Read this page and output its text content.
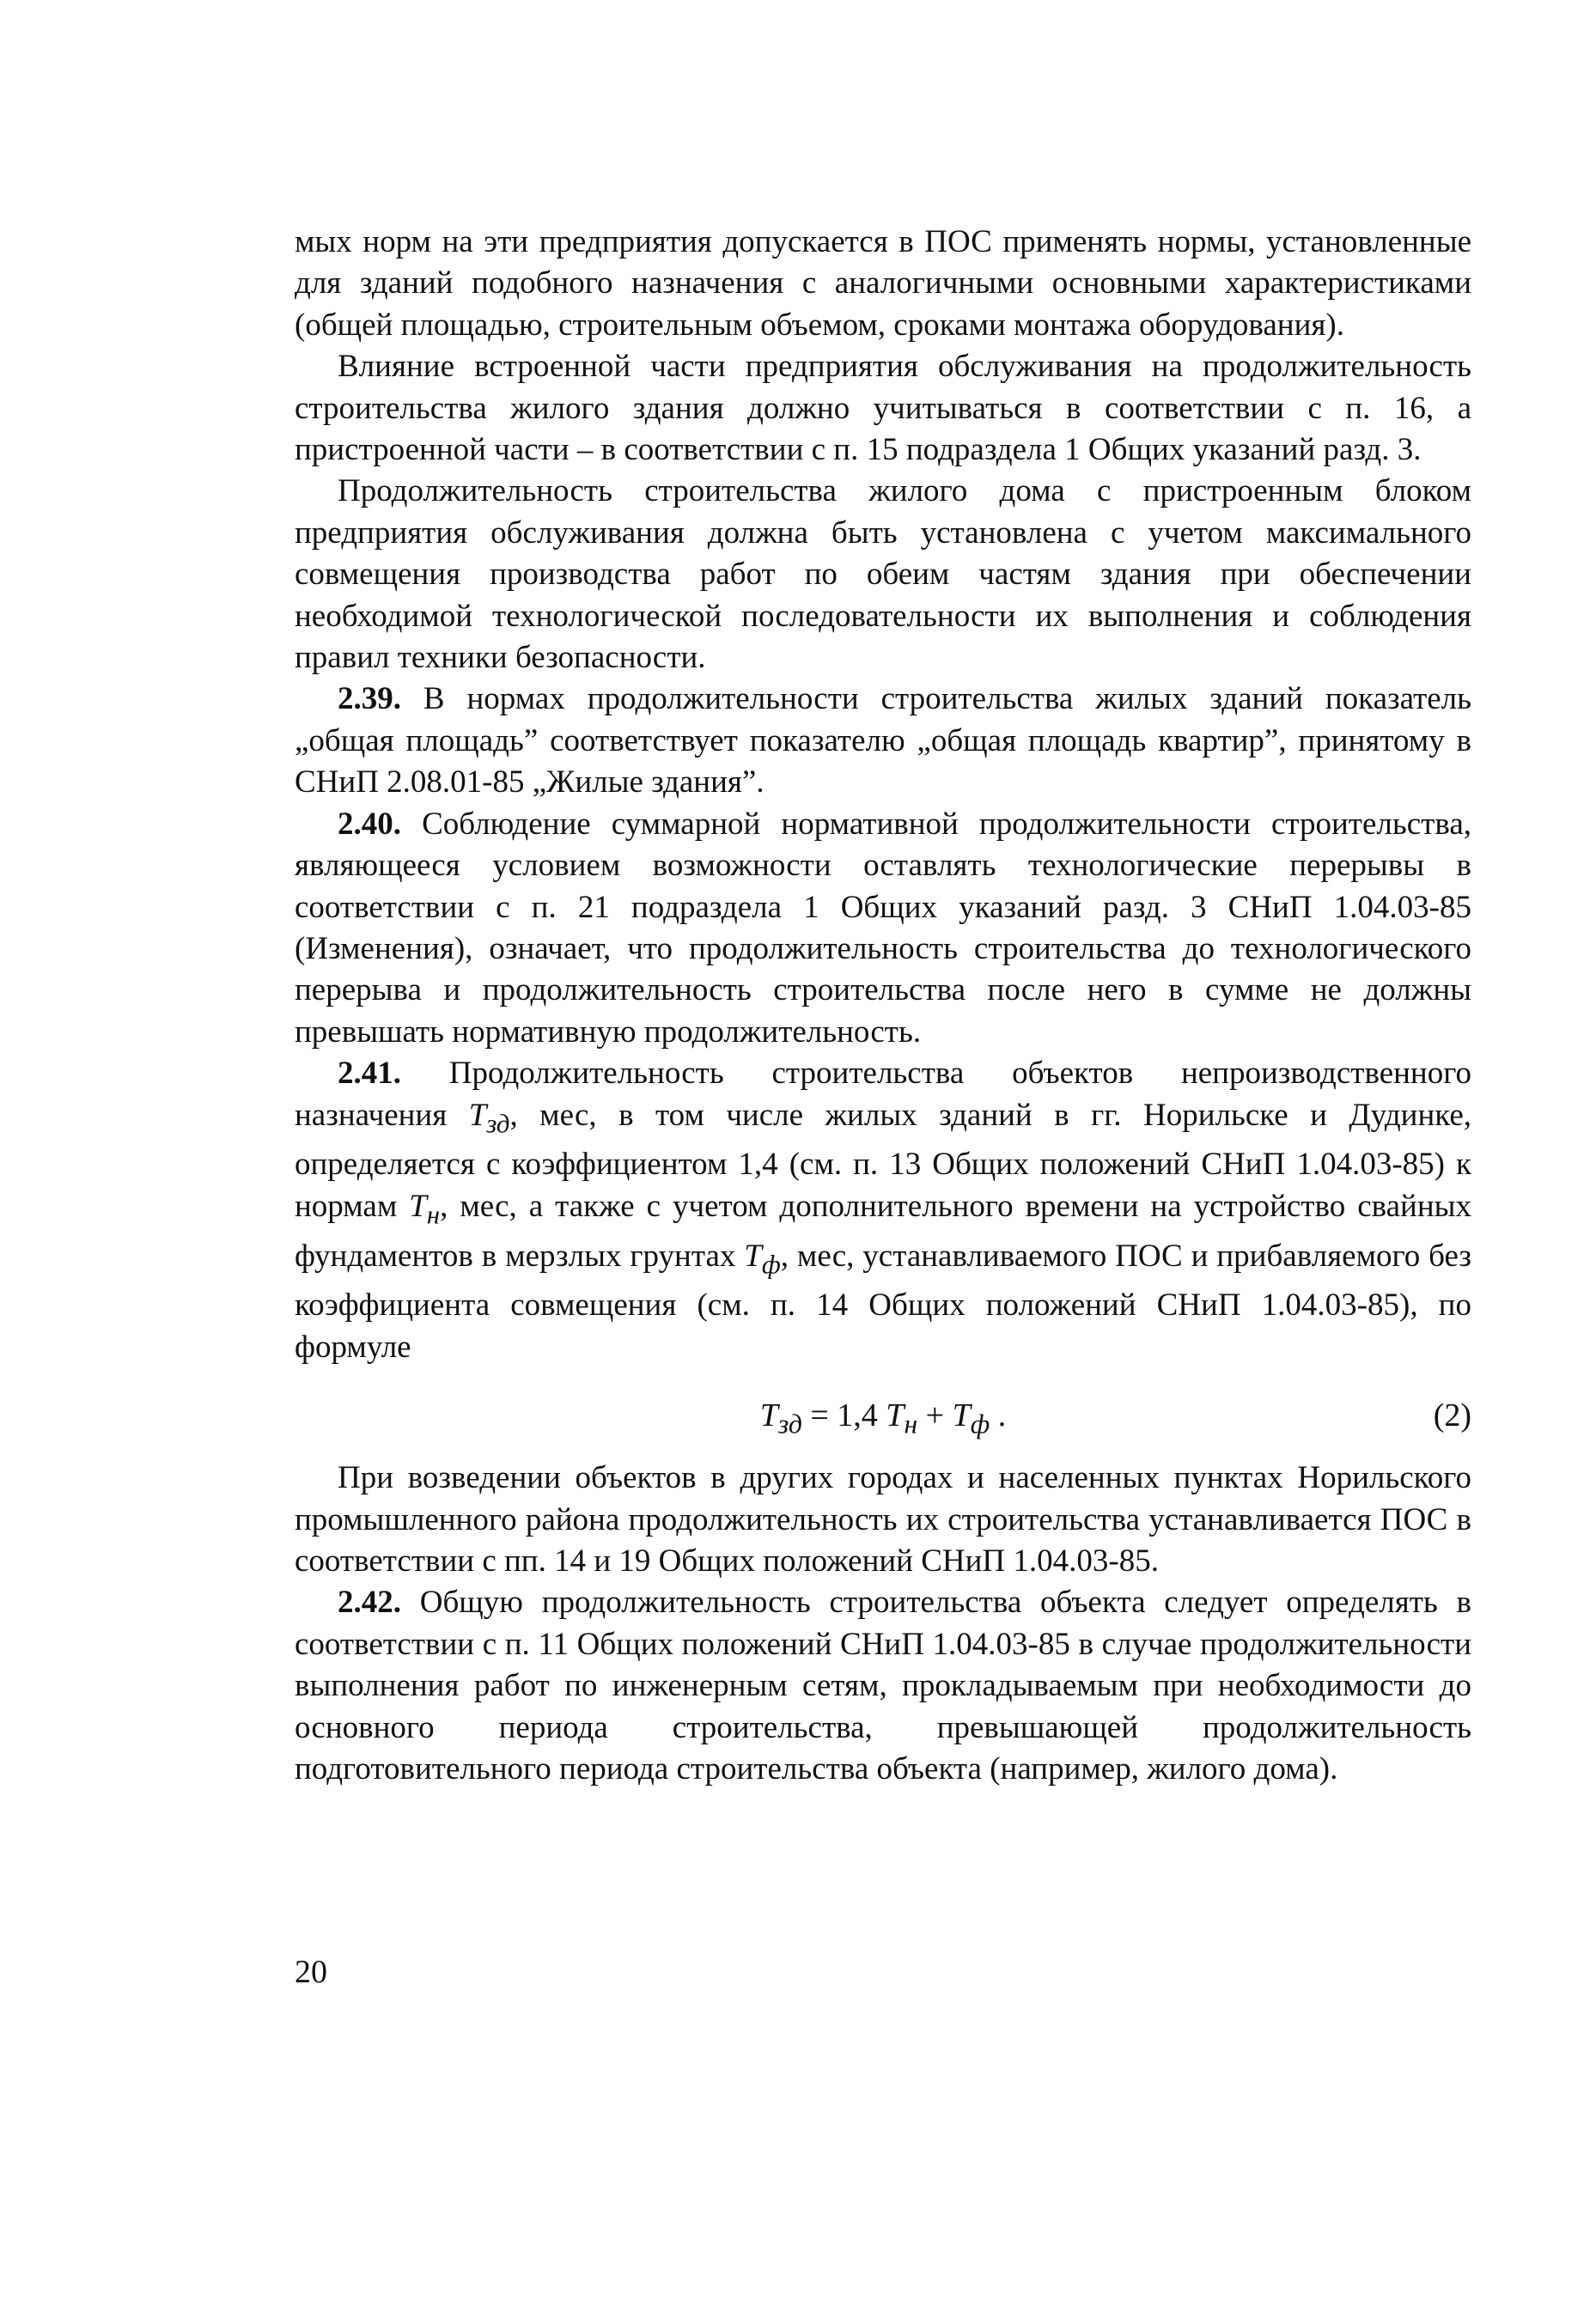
мых норм на эти предприятия допускается в ПОС применять нормы, установленные для зданий подобного назначения с аналогичными основными характеристиками (общей площадью, строительным объемом, сроками монтажа оборудования).

Влияние встроенной части предприятия обслуживания на продолжительность строительства жилого здания должно учитываться в соответствии с п. 16, а пристроенной части – в соответствии с п. 15 подраздела 1 Общих указаний разд. 3.

Продолжительность строительства жилого дома с пристроенным блоком предприятия обслуживания должна быть установлена с учетом максимального совмещения производства работ по обеим частям здания при обеспечении необходимой технологической последовательности их выполнения и соблюдения правил техники безопасности.

2.39. В нормах продолжительности строительства жилых зданий показатель „общая площадь” соответствует показателю „общая площадь квартир”, принятому в СНиП 2.08.01-85 „Жилые здания”.

2.40. Соблюдение суммарной нормативной продолжительности строительства, являющееся условием возможности оставлять технологические перерывы в соответствии с п. 21 подраздела 1 Общих указаний разд. 3 СНиП 1.04.03-85 (Изменения), означает, что продолжительность строительства до технологического перерыва и продолжительность строительства после него в сумме не должны превышать нормативную продолжительность.

2.41. Продолжительность строительства объектов непроизводственного назначения $T_{зд}$, мес, в том числе жилых зданий в гг. Норильске и Дудинке, определяется с коэффициентом 1,4 (см. п. 13 Общих положений СНиП 1.04.03-85) к нормам $T_н$, мес, а также с учетом дополнительного времени на устройство свайных фундаментов в мерзлых грунтах $T_ф$, мес, устанавливаемого ПОС и прибавляемого без коэффициента совмещения (см. п. 14 Общих положений СНиП 1.04.03-85), по формуле

$T_{зд} = 1,4$ $T_н + T_ф$ .	(2)

При возведении объектов в других городах и населенных пунктах Норильского промышленного района продолжительность их строительства устанавливается ПОС в соответствии с пп. 14 и 19 Общих положений СНиП 1.04.03-85.

2.42. Общую продолжительность строительства объекта следует определять в соответствии с п. 11 Общих положений СНиП 1.04.03-85 в случае продолжительности выполнения работ по инженерным сетям, прокладываемым при необходимости до основного периода строительства, превышающей продолжительность подготовительного периода строительства объекта (например, жилого дома).

20
